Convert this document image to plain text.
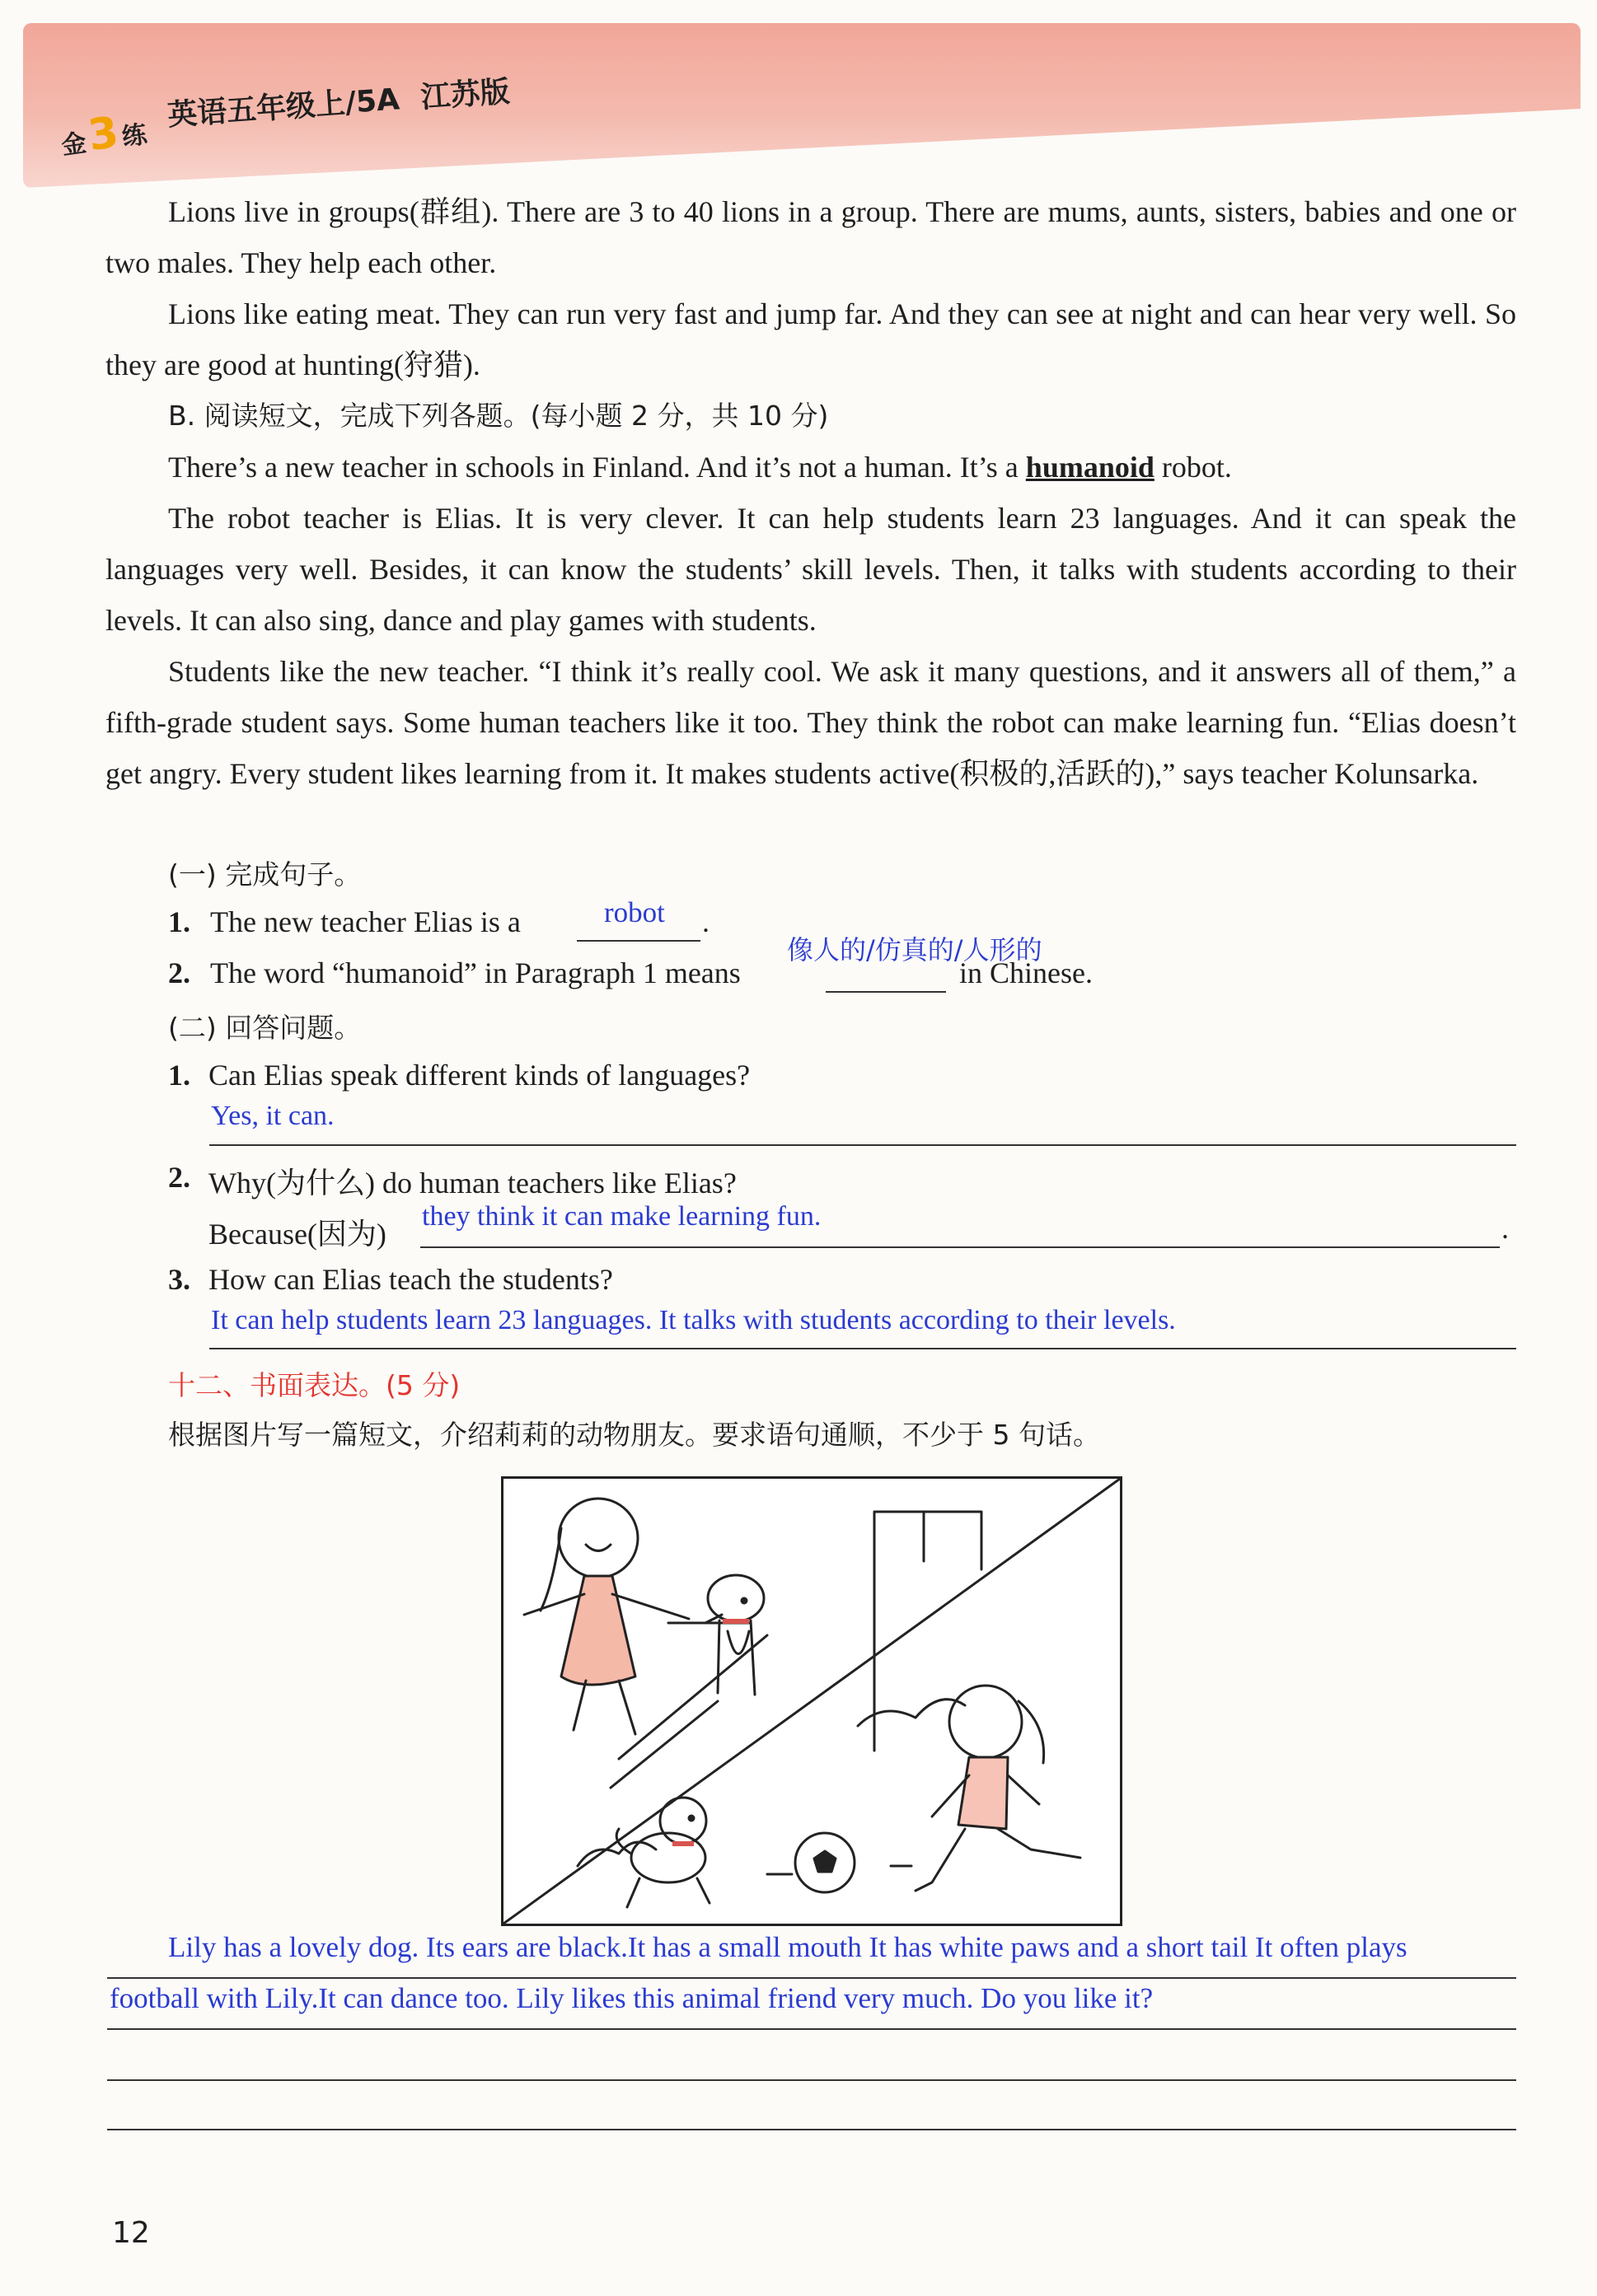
金3练
英语五年级上/5A 江苏版

Lions live in groups(群组). There are 3 to 40 lions in a group. There are mums, aunts, sisters, babies and one or two males. They help each other.

Lions like eating meat. They can run very fast and jump far. And they can see at night and can hear very well. So they are good at hunting(狩猎).

B. 阅读短文，完成下列各题。(每小题 2 分，共 10 分)

There’s a new teacher in schools in Finland. And it’s not a human. It’s a humanoid robot.

The robot teacher is Elias. It is very clever. It can help students learn 23 languages. And it can speak the languages very well. Besides, it can know the students’ skill levels. Then, it talks with students according to their levels. It can also sing, dance and play games with students.

Students like the new teacher. “I think it’s really cool. We ask it many questions, and it answers all of them,” a fifth-grade student says. Some human teachers like it too. They think the robot can make learning fun. “Elias doesn’t get angry. Every student likes learning from it. It makes students active(积极的,活跃的),” says teacher Kolunsarka.

(一) 完成句子。
1. The new teacher Elias is a	robot .
2. The word “humanoid” in Paragraph 1 means
像人的/仿真的/人形的
in Chinese.
(二) 回答问题。
1. Can Elias speak different kinds of languages?
Yes, it can.
2. Why(为什么) do human teachers like Elias?
Because(因为)
they think it can make learning fun.	.
3. How can Elias teach the students?
It can help students learn 23 languages. It talks with students according to their levels.
十二、书面表达。(5 分)
根据图片写一篇短文，介绍莉莉的动物朋友。要求语句通顺，不少于 5 句话。
Lily has a lovely dog. Its ears are black.It has a small mouth It has white paws and a short tail It often plays
football with Lily.It can dance too. Lily likes this animal friend very much. Do you like it?
12
